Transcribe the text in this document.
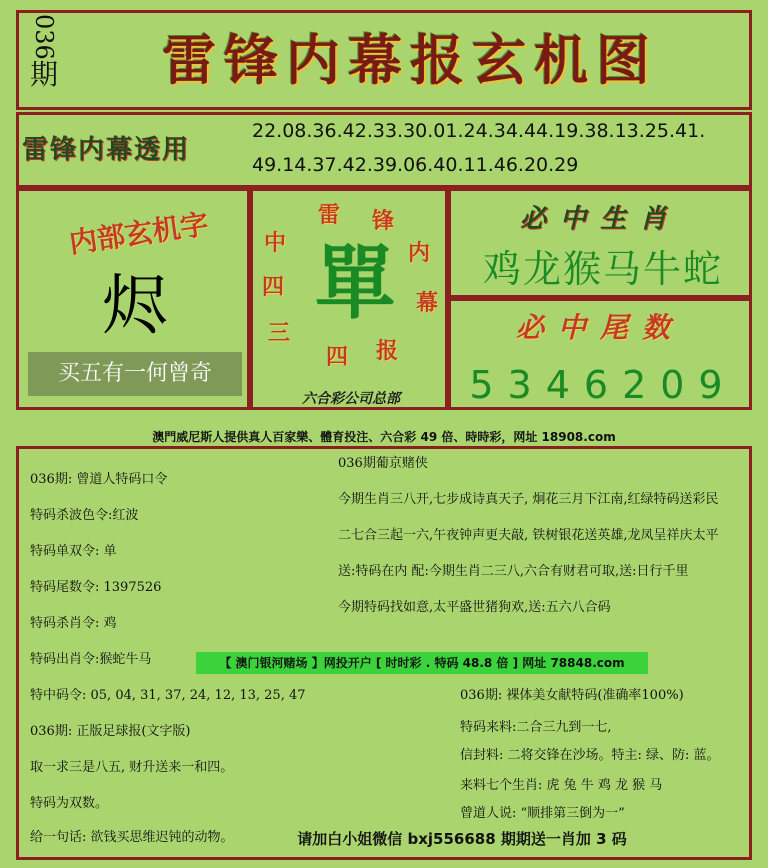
036
期	雷锋内幕报玄机图
雷锋内幕透用
22.08.36.42.33.30.01.24.34.44.19.38.13.25.41.
49.14.37.42.39.06.40.11.46.20.29
内部玄机字
烬
买五有一何曾奇
中
雷 锋
内
幕
报
四
三
四
單
六合彩公司总部
必中生肖
鸡龙猴马牛蛇
必中尾数
5346209
澳門威尼斯人提供真人百家樂、體育投注、六合彩 49 倍、時時彩，网址 18908.com
036期: 曾道人特码口令
特码杀波色令:红波
特码单双令: 单
特码尾数令: 1397526
特码杀肖令: 鸡
特码出肖令:猴蛇牛马
特中码令: 05, 04, 31, 37, 24, 12, 13, 25, 47
036期: 正版足球报(文字版)
取一求三是八五, 财升送来一和四。
特码为双数。
给一句话: 欲钱买思维迟钝的动物。
036期葡京赌侠
今期生肖三八开,七步成诗真天子, 炯花三月下江南,红绿特码送彩民
二七合三起一六,午夜钟声更夫敲, 铁树银花送英雄,龙凤呈祥庆太平
送:特码在内 配:今期生肖二三八,六合有财君可取,送:日行千里
今期特码找如意,太平盛世猪狗欢,送:五六八合码
【 澳门银河赌场 】网投开户 [ 时时彩 . 特码 48.8 倍 ] 网址 78848.com
036期: 裸体美女献特码(准确率100%)
特码来料:二合三九到一七,
信封料: 二将交锋在沙场。特主: 绿、防: 蓝。
来料七个生肖: 虎 兔 牛 鸡 龙 猴 马
曾道人说: “顺排第三倒为一”
请加白小姐微信 bxj556688 期期送一肖加 3 码
